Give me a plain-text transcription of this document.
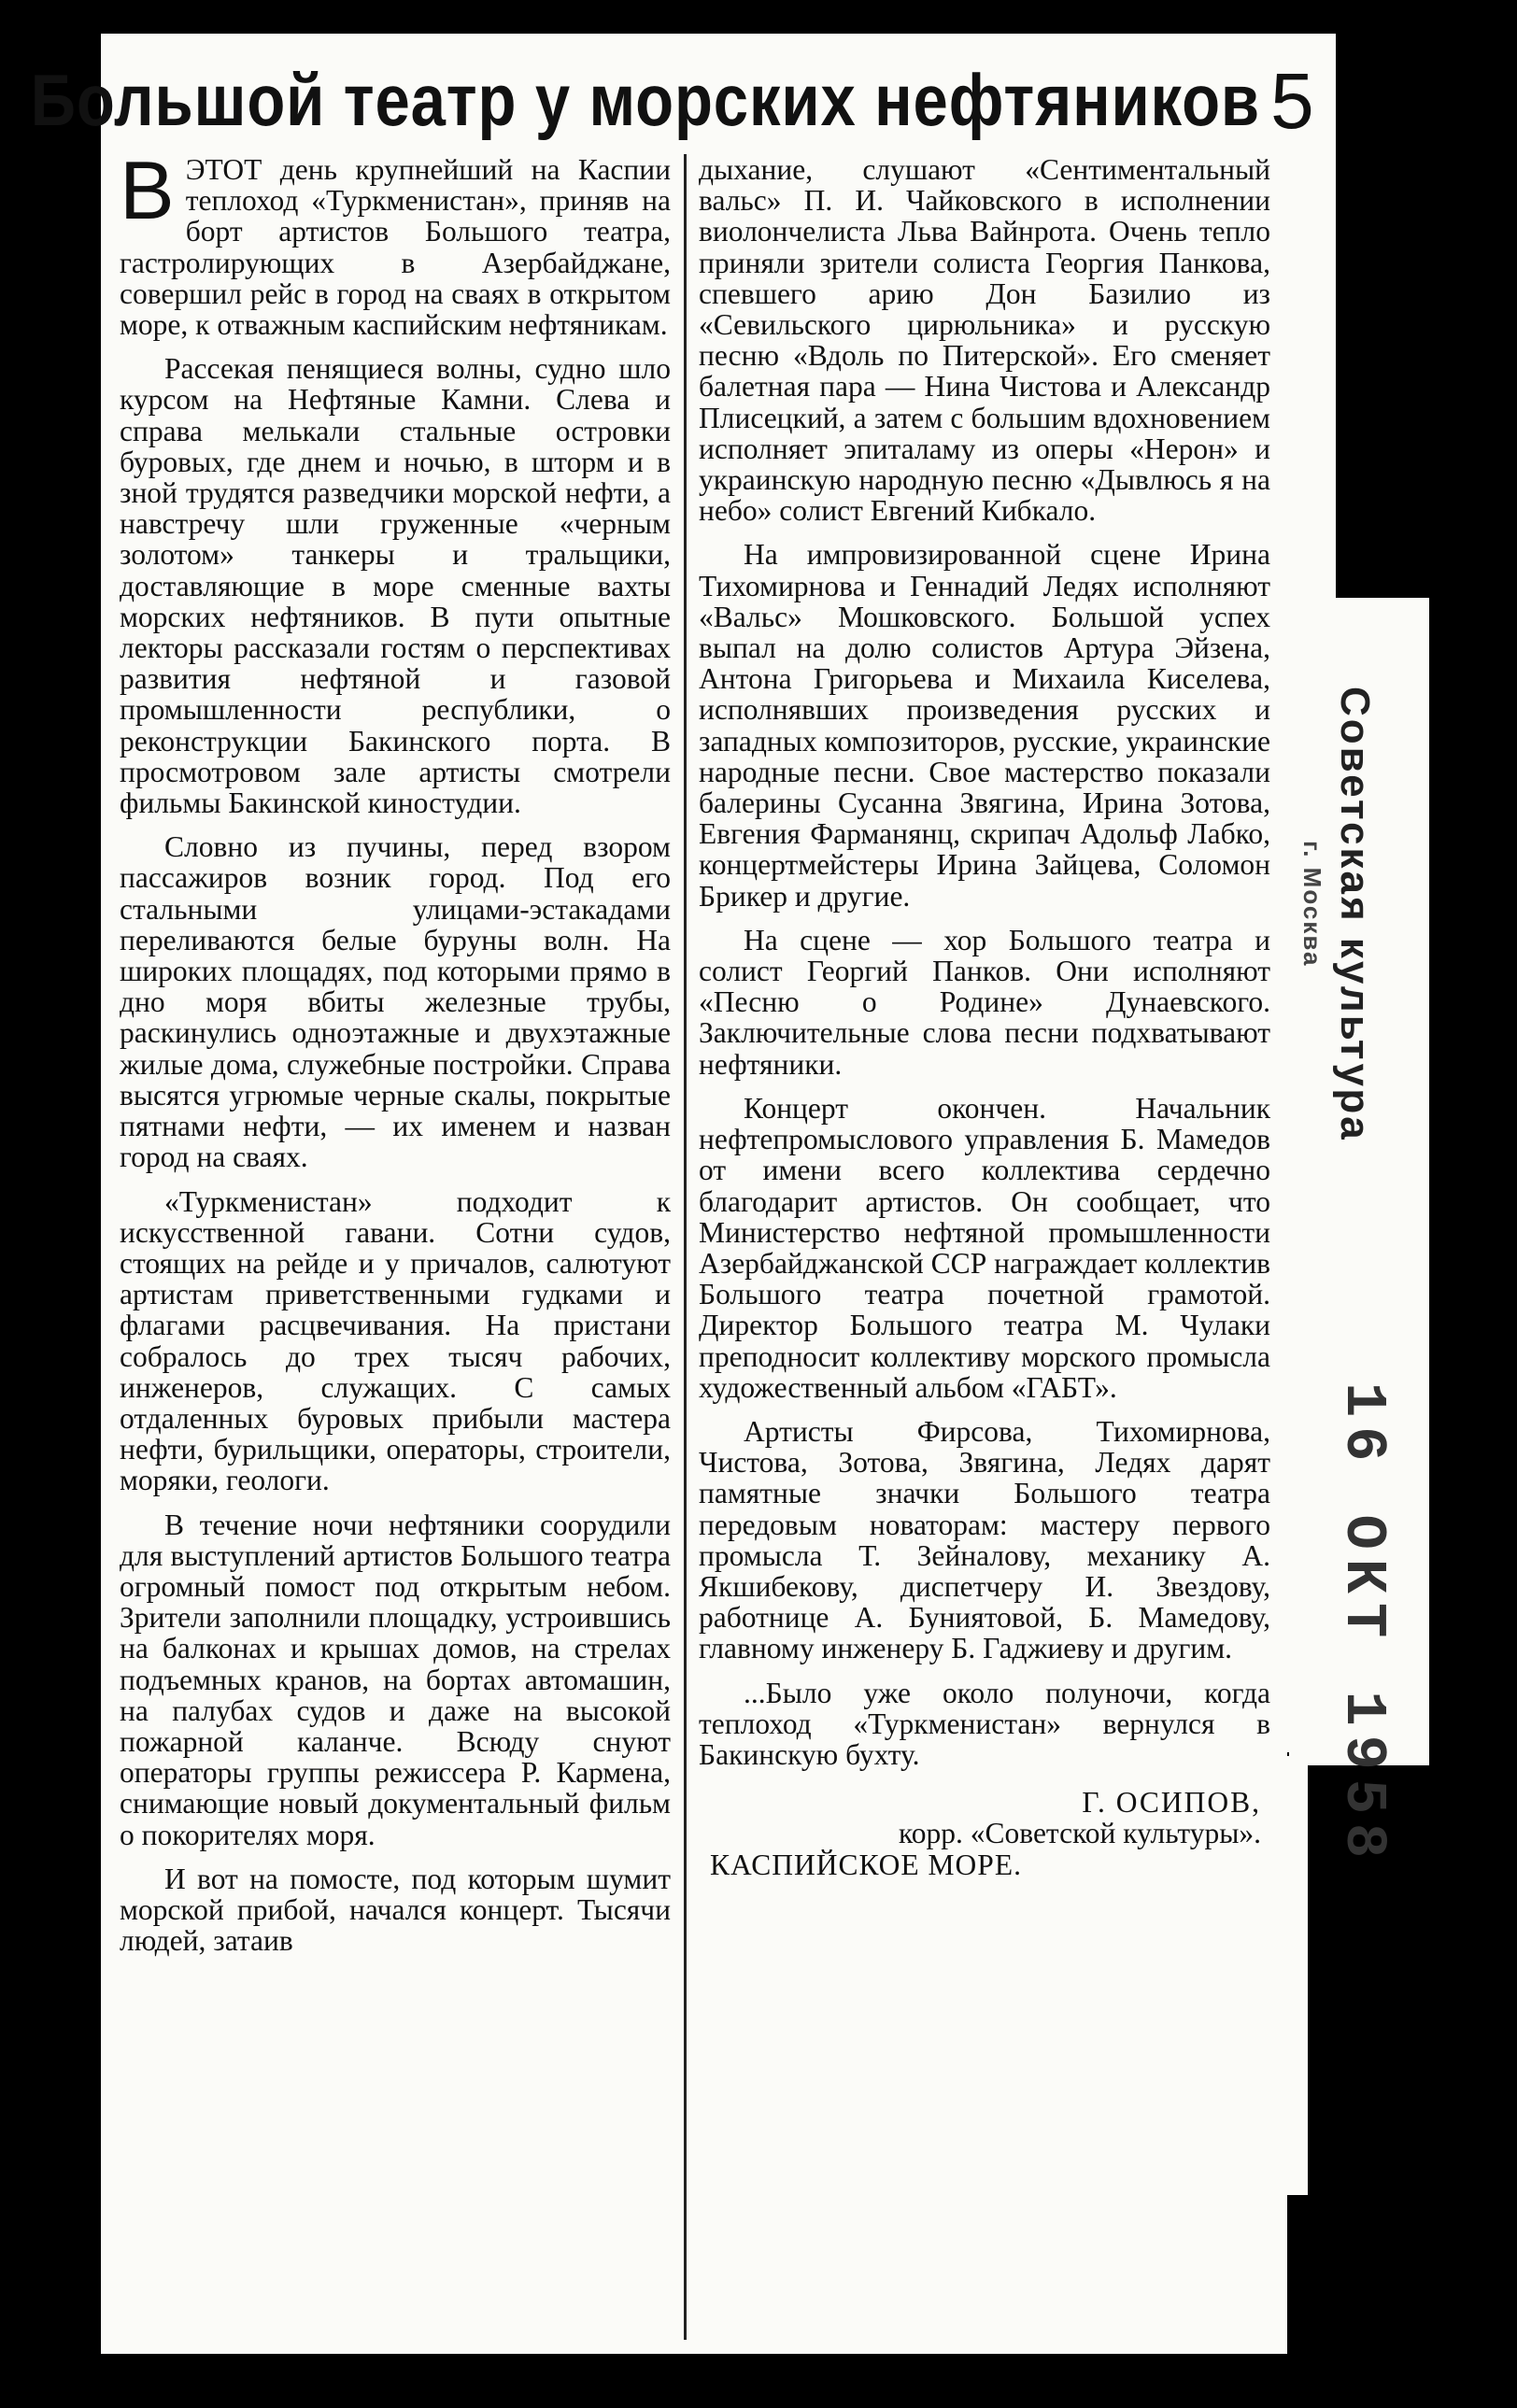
Большой театр у морских нефтяников 5

ВЭТОТ день крупнейший на Каспии теплоход «Туркменистан», приняв на борт артистов Большого театра, гастролирующих в Азербайджане, совершил рейс в город на сваях в открытом море, к отважным каспийским нефтяникам.

Рассекая пенящиеся волны, судно шло курсом на Нефтяные Камни. Слева и справа мелькали стальные островки буровых, где днем и ночью, в шторм и в зной трудятся разведчики морской нефти, а навстречу шли груженные «черным золотом» танкеры и тральщики, доставляющие в море сменные вахты морских нефтяников. В пути опытные лекторы рассказали гостям о перспективах развития нефтяной и газовой промышленности республики, о реконструкции Бакинского порта. В просмотровом зале артисты смотрели фильмы Бакинской киностудии.

Словно из пучины, перед взором пассажиров возник город. Под его стальными улицами-эстакадами переливаются белые буруны волн. На широких площадях, под которыми прямо в дно моря вбиты железные трубы, раскинулись одноэтажные и двухэтажные жилые дома, служебные постройки. Справа высятся угрюмые черные скалы, покрытые пятнами нефти, — их именем и назван город на сваях.

«Туркменистан» подходит к искусственной гавани. Сотни судов, стоящих на рейде и у причалов, салютуют артистам приветственными гудками и флагами расцвечивания. На пристани собралось до трех тысяч рабочих, инженеров, служащих. С самых отдаленных буровых прибыли мастера нефти, бурильщики, операторы, строители, моряки, геологи.

В течение ночи нефтяники соорудили для выступлений артистов Большого театра огромный помост под открытым небом. Зрители заполнили площадку, устроившись на балконах и крышах домов, на стрелах подъемных кранов, на бортах автомашин, на палубах судов и даже на высокой пожарной каланче. Всюду снуют операторы группы режиссера Р. Кармена, снимающие новый документальный фильм о покорителях моря.

И вот на помосте, под которым шумит морской прибой, начался концерт. Тысячи людей, затаив

дыхание, слушают «Сентиментальный вальс» П. И. Чайковского в исполнении виолончелиста Льва Вайнрота. Очень тепло приняли зрители солиста Георгия Панкова, спевшего арию Дон Базилио из «Севильского цирюльника» и русскую песню «Вдоль по Питерской». Его сменяет балетная пара — Нина Чистова и Александр Плисецкий, а затем с большим вдохновением исполняет эпиталаму из оперы «Нерон» и украинскую народную песню «Дывлюсь я на небо» солист Евгений Кибкало.

На импровизированной сцене Ирина Тихомирнова и Геннадий Ледях исполняют «Вальс» Мошковского. Большой успех выпал на долю солистов Артура Эйзена, Антона Григорьева и Михаила Киселева, исполнявших произведения русских и западных композиторов, русские, украинские народные песни. Свое мастерство показали балерины Сусанна Звягина, Ирина Зотова, Евгения Фарманянц, скрипач Адольф Лабко, концертмейстеры Ирина Зайцева, Соломон Брикер и другие.

На сцене — хор Большого театра и солист Георгий Панков. Они исполняют «Песню о Родине» Дунаевского. Заключительные слова песни подхватывают нефтяники.

Концерт окончен. Начальник нефтепромыслового управления Б. Мамедов от имени всего коллектива сердечно благодарит артистов. Он сообщает, что Министерство нефтяной промышленности Азербайджанской ССР награждает коллектив Большого театра почетной грамотой. Директор Большого театра М. Чулаки преподносит коллективу морского промысла художественный альбом «ГАБТ».

Артисты Фирсова, Тихомирнова, Чистова, Зотова, Звягина, Ледях дарят памятные значки Большого театра передовым новаторам: мастеру первого промысла Т. Зейналову, механику А. Якшибекову, диспетчеру И. Звездову, работнице А. Буниятовой, Б. Мамедову, главному инженеру Б. Гаджиеву и другим.

...Было уже около полуночи, когда теплоход «Туркменистан» вернулся в Бакинскую бухту.

Г. ОСИПОВ,
корр. «Советской культуры».
КАСПИЙСКОЕ МОРЕ.
Советская культура
г. Москва
16 ОКТ 1958
